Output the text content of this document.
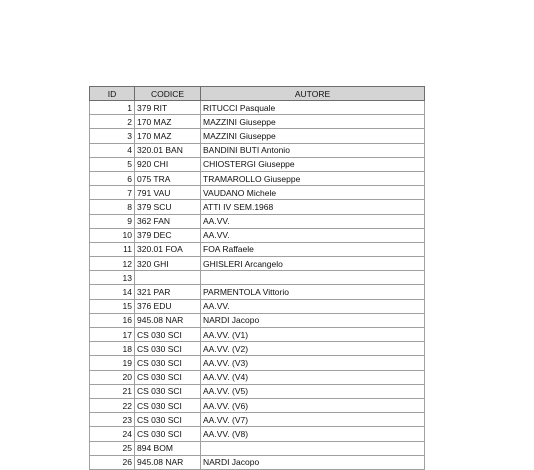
ID	CODICE	AUTORE
1	379 RIT	RITUCCI Pasquale
2	170 MAZ	MAZZINI Giuseppe
3	170 MAZ	MAZZINI Giuseppe
4	320.01 BAN	BANDINI BUTI Antonio
5	920 CHI	CHIOSTERGI Giuseppe
6	075 TRA	TRAMAROLLO Giuseppe
7	791 VAU	VAUDANO Michele
8	379 SCU	ATTI IV SEM.1968
9	362 FAN	AA.VV.
10	379 DEC	AA.VV.
11	320.01 FOA	FOA Raffaele
12	320 GHI	GHISLERI Arcangelo
13		
14	321 PAR	PARMENTOLA Vittorio
15	376 EDU	AA.VV.
16	945.08 NAR	NARDI Jacopo
17	CS 030 SCI	AA.VV. (V1)
18	CS 030 SCI	AA.VV. (V2)
19	CS 030 SCI	AA.VV. (V3)
20	CS 030 SCI	AA.VV. (V4)
21	CS 030 SCI	AA.VV. (V5)
22	CS 030 SCI	AA.VV. (V6)
23	CS 030 SCI	AA.VV. (V7)
24	CS 030 SCI	AA.VV. (V8)
25	894 BOM	
26	945.08 NAR	NARDI Jacopo
